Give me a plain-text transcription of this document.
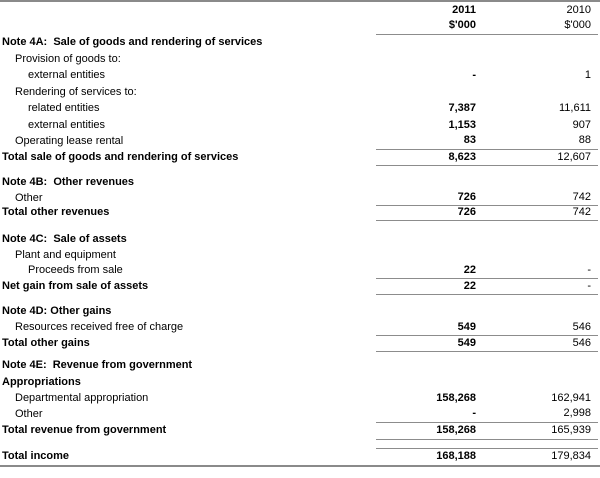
	2011	2010
	$'000	$'000
Note 4A:  Sale of goods and rendering of services		
Provision of goods to:		
external entities	-	1
Rendering of services to:		
related entities	7,387	11,611
external entities	1,153	907
Operating lease rental	83	88
Total sale of goods and rendering of services	8,623	12,607

Note 4B:  Other revenues		
Other	726	742
Total other revenues	726	742

Note 4C:  Sale of assets		
Plant and equipment		
Proceeds from sale	22	-
Net gain from sale of assets	22	-

Note 4D: Other gains		
Resources received free of charge	549	546
Total other gains	549	546

Note 4E:  Revenue from government		
Appropriations		
Departmental appropriation	158,268	162,941
Other	-	2,998
Total revenue from government	158,268	165,939

Total income	168,188	179,834
